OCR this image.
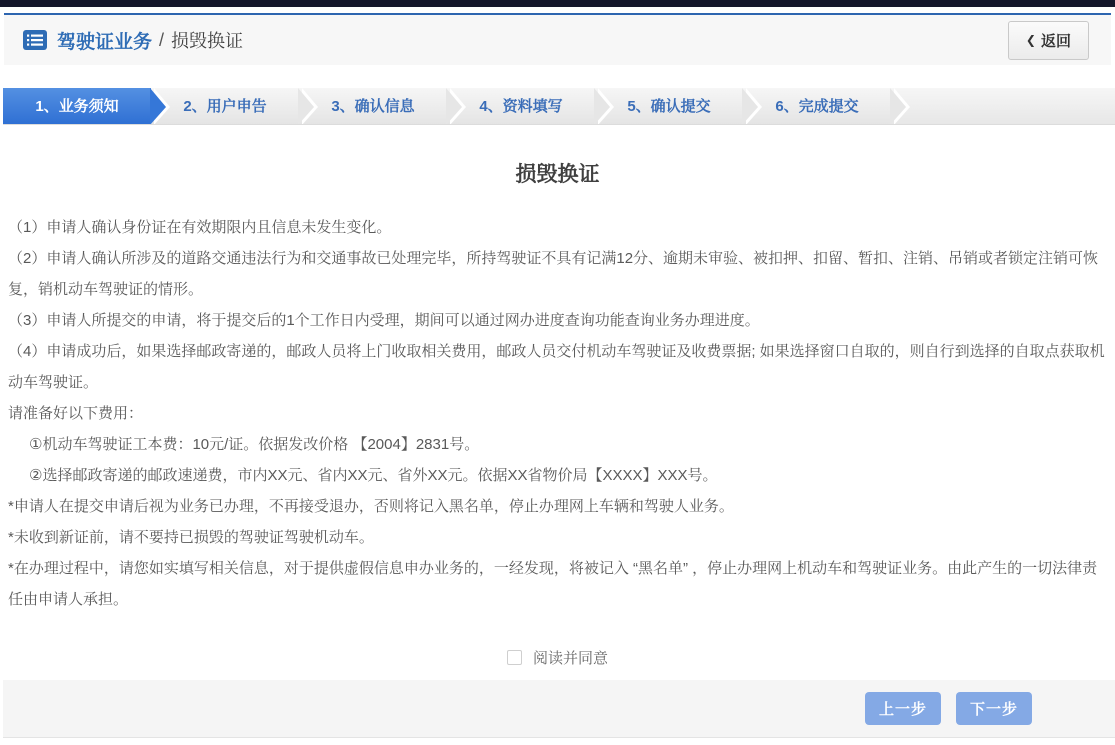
驾驶证业务 / 损毁换证	❮ 返回
1、业务须知	2、用户申告	3、确认信息	4、资料填写	5、确认提交	6、完成提交
损毁换证

（1）申请人确认身份证在有效期限内且信息未发生变化。

（2）申请人确认所涉及的道路交通违法行为和交通事故已处理完毕，所持驾驶证不具有记满12分、逾期未审验、被扣押、扣留、暂扣、注销、吊销或者锁定注销可恢复，销机动车驾驶证的情形。

（3）申请人所提交的申请，将于提交后的1个工作日内受理，期间可以通过网办进度查询功能查询业务办理进度。

（4）申请成功后，如果选择邮政寄递的，邮政人员将上门收取相关费用，邮政人员交付机动车驾驶证及收费票据; 如果选择窗口自取的，则自行到选择的自取点获取机动车驾驶证。

请准备好以下费用：

①机动车驾驶证工本费：10元/证。依据发改价格 【2004】2831号。

②选择邮政寄递的邮政速递费，市内XX元、省内XX元、省外XX元。依据XX省物价局【XXXX】XXX号。

*申请人在提交申请后视为业务已办理，不再接受退办，否则将记入黑名单，停止办理网上车辆和驾驶人业务。

*未收到新证前，请不要持已损毁的驾驶证驾驶机动车。

*在办理过程中，请您如实填写相关信息，对于提供虚假信息申办业务的，一经发现，将被记入 “黑名单” ，停止办理网上机动车和驾驶证业务。由此产生的一切法律责任由申请人承担。

阅读并同意
上一步	下一步
